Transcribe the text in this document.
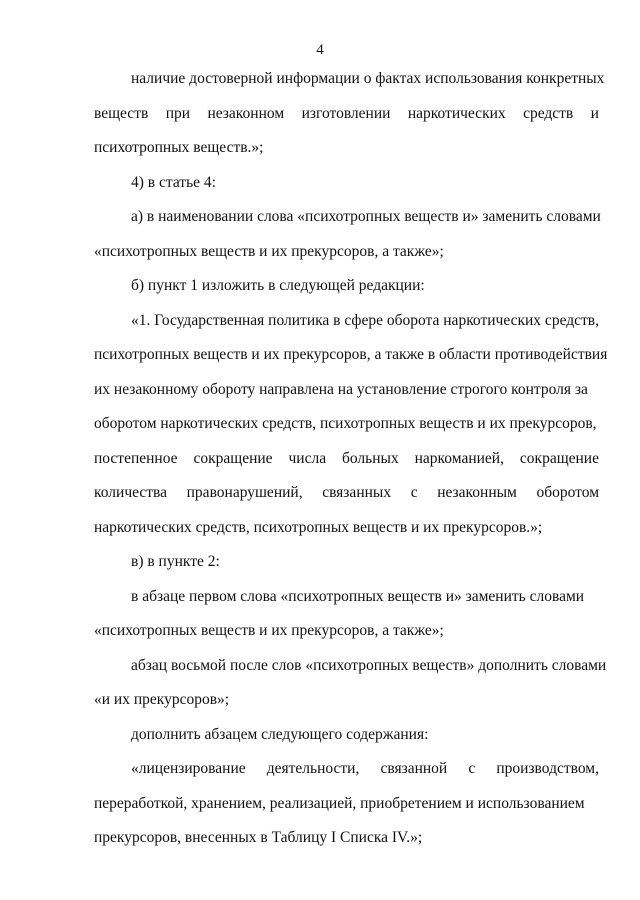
4
наличие достоверной информации о фактах использования конкретных
веществ при незаконном изготовлении наркотических средств и
психотропных веществ.»;
4) в статье 4:
а) в наименовании слова «психотропных веществ и» заменить словами
«психотропных веществ и их прекурсоров, а также»;
б) пункт 1 изложить в следующей редакции:
«1. Государственная политика в сфере оборота наркотических средств,
психотропных веществ и их прекурсоров, а также в области противодействия
их незаконному обороту направлена на установление строгого контроля за
оборотом наркотических средств, психотропных веществ и их прекурсоров,
постепенное сокращение числа больных наркоманией, сокращение
количества правонарушений, связанных с незаконным оборотом
наркотических средств, психотропных веществ и их прекурсоров.»;
в) в пункте 2:
в абзаце первом слова «психотропных веществ и» заменить словами
«психотропных веществ и их прекурсоров, а также»;
абзац восьмой после слов «психотропных веществ» дополнить словами
«и их прекурсоров»;
дополнить абзацем следующего содержания:
«лицензирование деятельности, связанной с производством,
переработкой, хранением, реализацией, приобретением и использованием
прекурсоров, внесенных в Таблицу I Списка IV.»;
